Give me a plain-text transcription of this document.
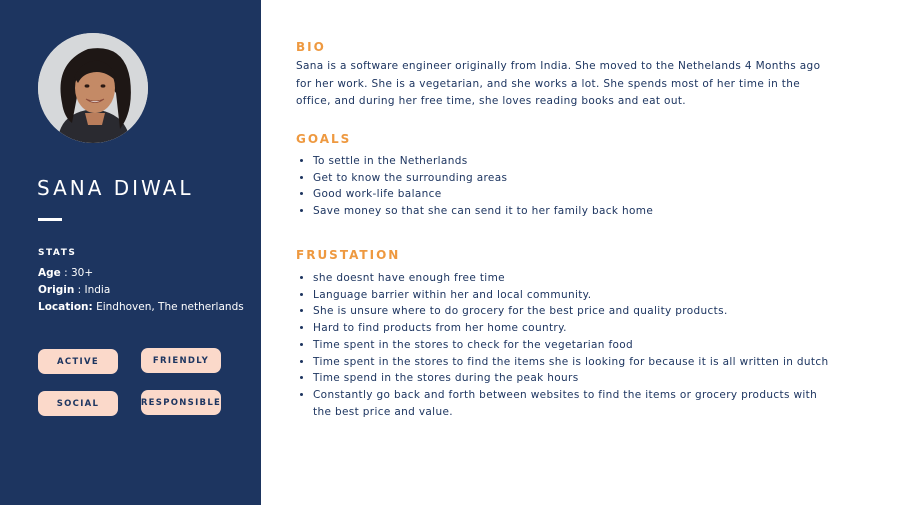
SANA DIWAL
STATS
Age : 30+
Origin : India
Location: Eindhoven, The netherlands
ACTIVE	FRIENDLY
SOCIAL	RESPONSIBLE
BIO

Sana is a software engineer originally from India. She moved to the Nethelands 4 Months ago for her work. She is a vegetarian, and she works a lot. She spends most of her time in the office, and during her free time, she loves reading books and eat out.

GOALS
• To settle in the Netherlands
• Get to know the surrounding areas
• Good work-life balance
• Save money so that she can send it to her family back home
FRUSTATION
• she doesnt have enough free time
• Language barrier within her and local community.
• She is unsure where to do grocery for the best price and quality products.
• Hard to find products from her home country.
• Time spent in the stores to check for the vegetarian food
• Time spent in the stores to find the items she is looking for because it is all written in dutch
• Time spend in the stores during the peak hours
• Constantly go back and forth between websites to find the items or grocery products with the best price and value.
